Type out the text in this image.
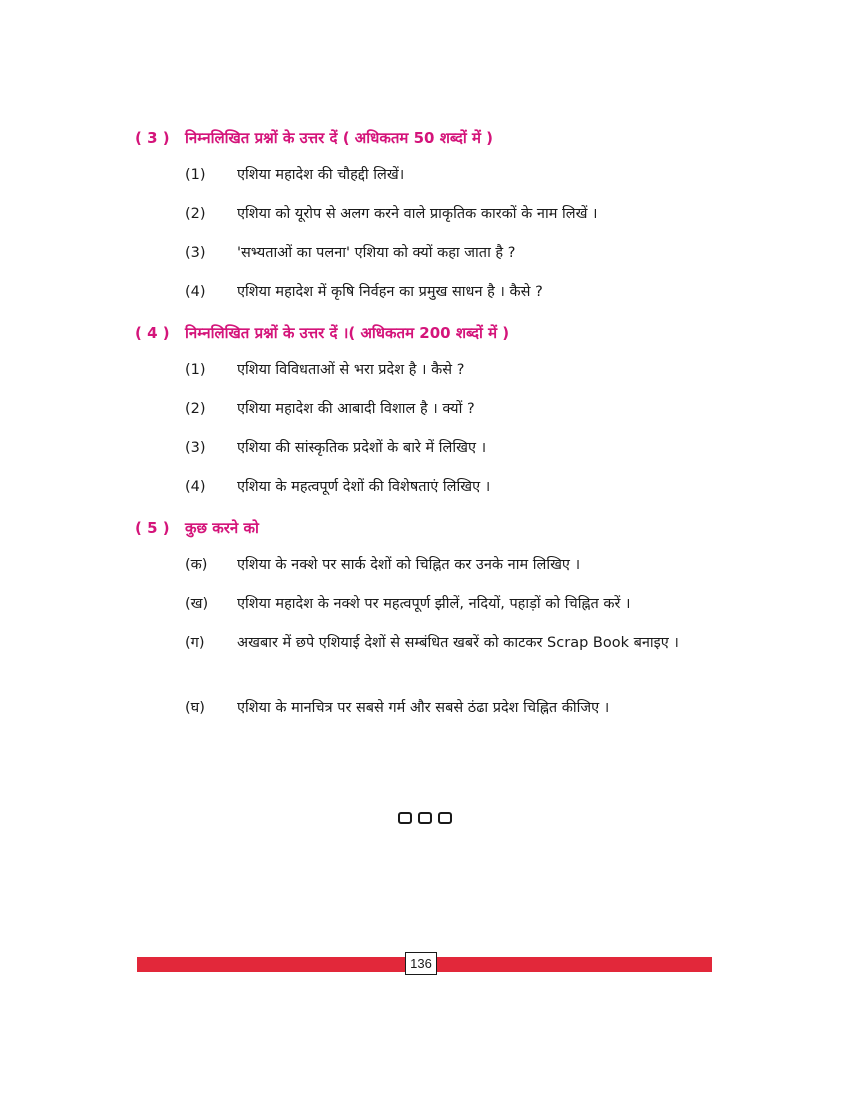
( 3 ) निम्नलिखित प्रश्नों के उत्तर दें ( अधिकतम 50 शब्दों में )
(1)	एशिया महादेश की चौहद्दी लिखें।
(2)	एशिया को यूरोप से अलग करने वाले प्राकृतिक कारकों के नाम लिखें ।
(3)	'सभ्यताओं का पलना' एशिया को क्यों कहा जाता है ?
(4)	एशिया महादेश में कृषि निर्वहन का प्रमुख साधन है । कैसे ?
( 4 ) निम्नलिखित प्रश्नों के उत्तर दें ।( अधिकतम 200 शब्दों में )
(1)	एशिया विविधताओं से भरा प्रदेश है । कैसे ?
(2)	एशिया महादेश की आबादी विशाल है । क्यों ?
(3)	एशिया की सांस्कृतिक प्रदेशों के बारे में लिखिए ।
(4)	एशिया के महत्वपूर्ण देशों की विशेषताएं लिखिए ।
( 5 ) कुछ करने को
(क)	एशिया के नक्शे पर सार्क देशों को चिह्नित कर उनके नाम लिखिए ।
(ख)	एशिया महादेश के नक्शे पर महत्वपूर्ण झीलें, नदियों, पहाड़ों को चिह्नित करें ।
(ग)	अखबार में छपे एशियाई देशों से सम्बंधित खबरें को काटकर Scrap Book बनाइए ।
(घ)	एशिया के मानचित्र पर सबसे गर्म और सबसे ठंढा प्रदेश चिह्नित कीजिए ।
136
